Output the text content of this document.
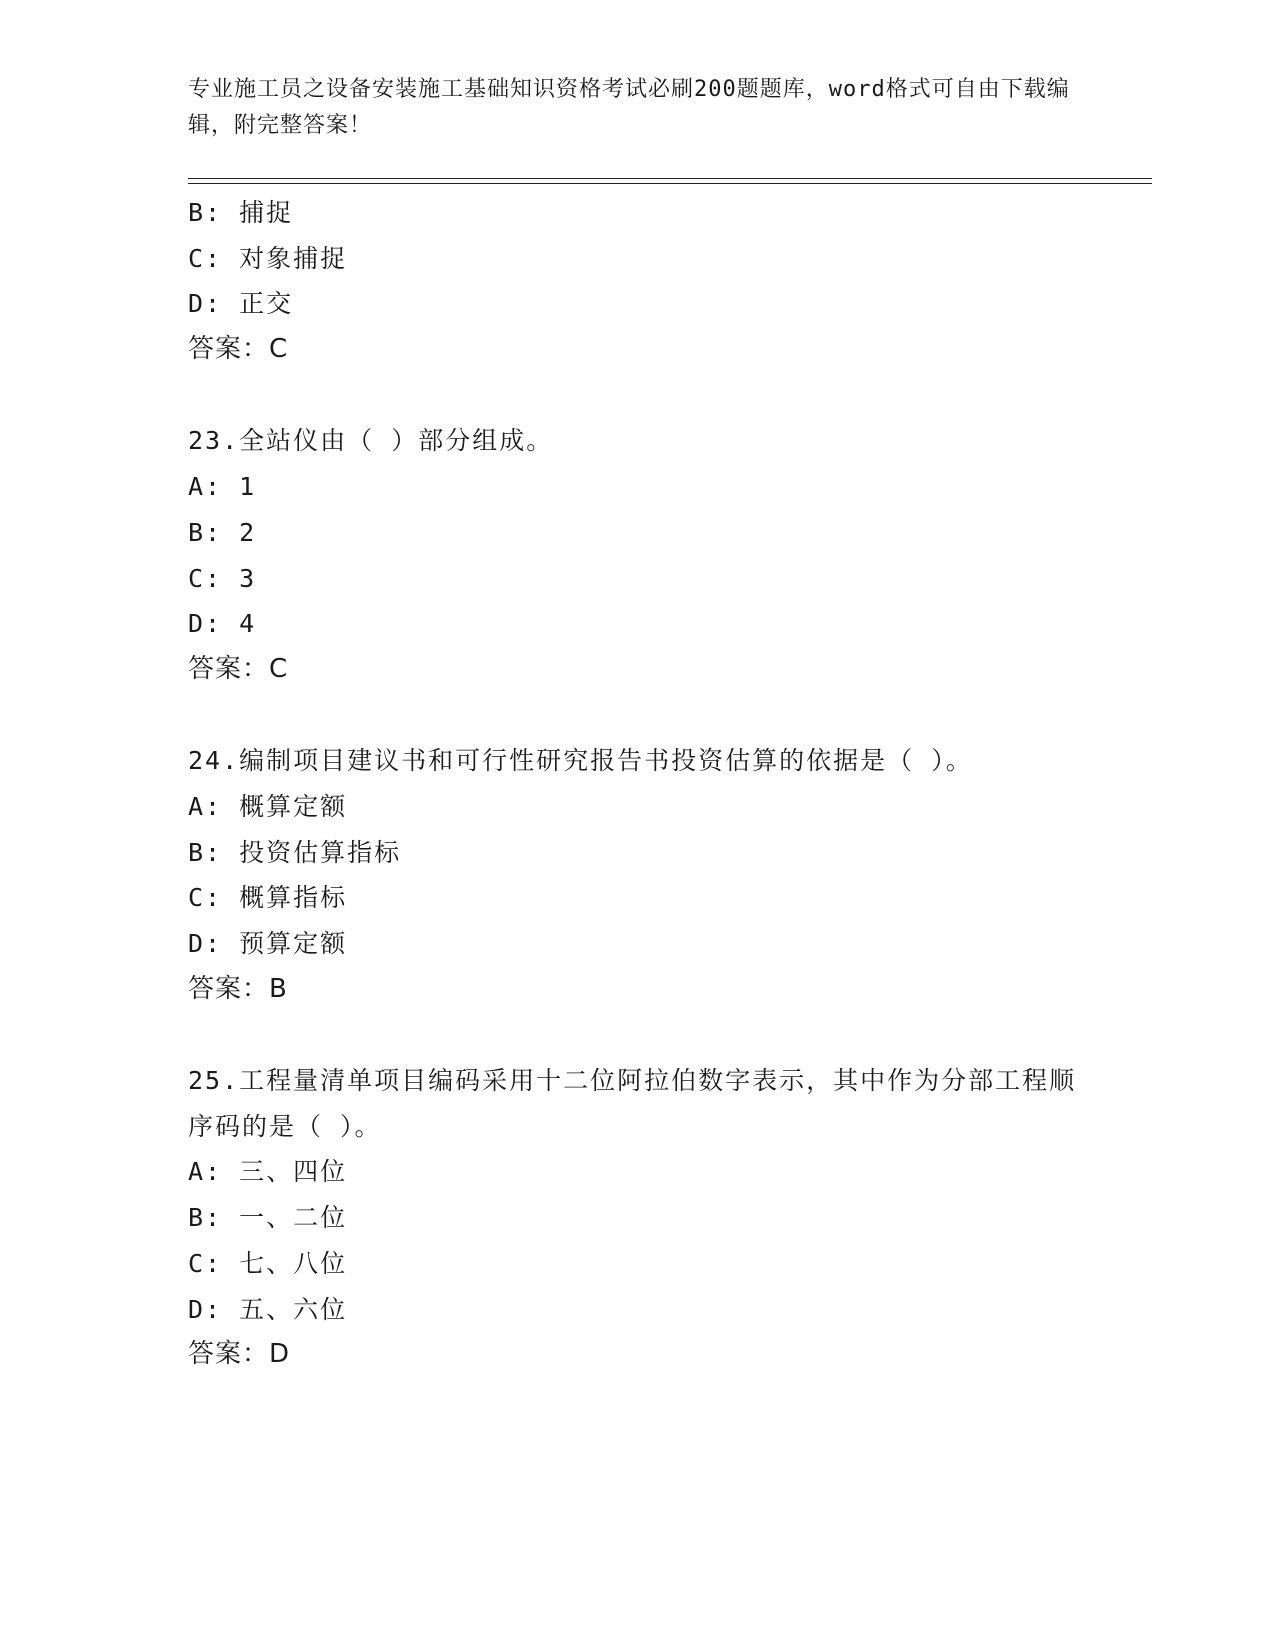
专业施工员之设备安装施工基础知识资格考试必刷200题题库，word格式可自由下载编辑，附完整答案！
B: 捕捉
C: 对象捕捉
D: 正交
答案：C
23.全站仪由（ ）部分组成。
A: 1
B: 2
C: 3
D: 4
答案：C
24.编制项目建议书和可行性研究报告书投资估算的依据是（ ）。
A: 概算定额
B: 投资估算指标
C: 概算指标
D: 预算定额
答案：B
25.工程量清单项目编码采用十二位阿拉伯数字表示，其中作为分部工程顺序码的是（ ）。
A: 三、四位
B: 一、二位
C: 七、八位
D: 五、六位
答案：D
